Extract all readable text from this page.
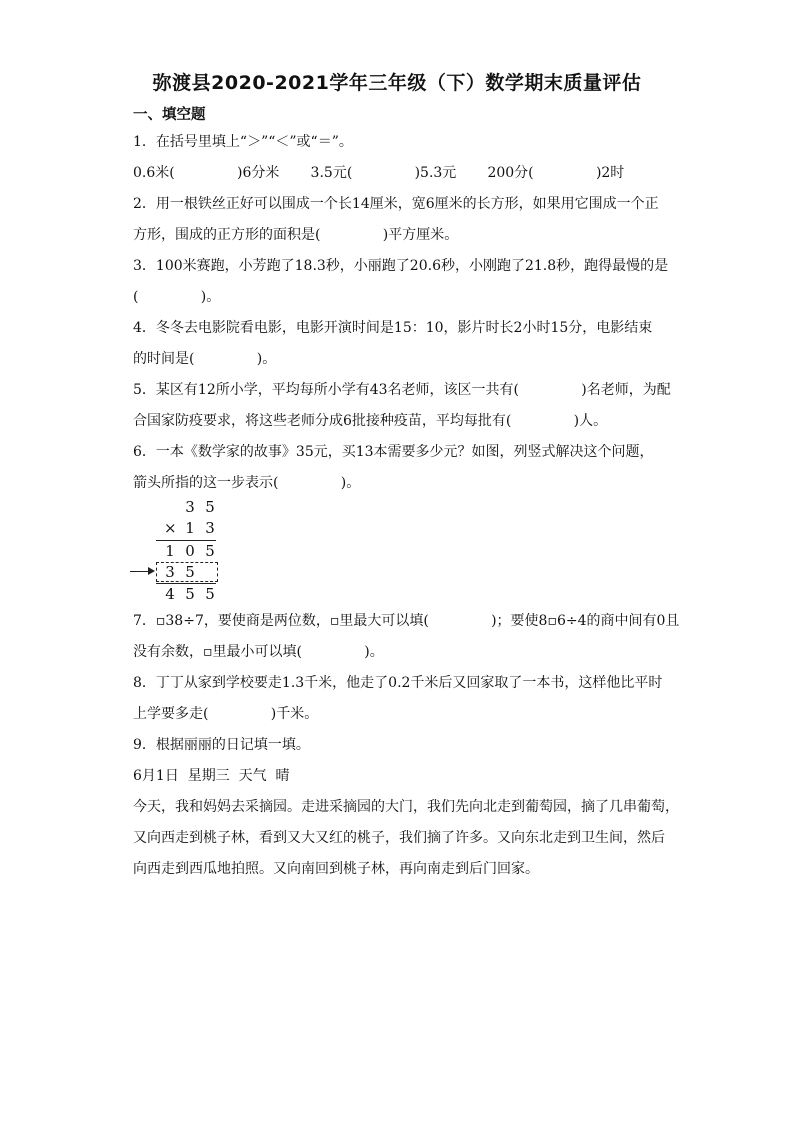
弥渡县2020-2021学年三年级（下）数学期末质量评估
一、填空题
1．在括号里填上“＞”“＜”或“＝”。
0.6米(              )6分米       3.5元(              )5.3元       200分(              )2时
2．用一根铁丝正好可以围成一个长14厘米，宽6厘米的长方形，如果用它围成一个正
方形，围成的正方形的面积是(              )平方厘米。
3．100米赛跑，小芳跑了18.3秒，小丽跑了20.6秒，小刚跑了21.8秒，跑得最慢的是
(              )。
4．冬冬去电影院看电影，电影开演时间是15：10，影片时长2小时15分，电影结束
的时间是(              )。
5．某区有12所小学，平均每所小学有43名老师，该区一共有(              )名老师，为配
合国家防疫要求，将这些老师分成6批接种疫苗，平均每批有(              )人。
6．一本《数学家的故事》35元，买13本需要多少元？如图，列竖式解决这个问题，
箭头所指的这一步表示(              )。
3 5
× 1 3
1 0 5
3 5
4 5 5
7．▫38÷7，要使商是两位数，▫里最大可以填(              )；要使8▫6÷4的商中间有0且
没有余数，▫里最小可以填(              )。
8．丁丁从家到学校要走1.3千米，他走了0.2千米后又回家取了一本书，这样他比平时
上学要多走(              )千米。
9．根据丽丽的日记填一填。
6月1日  星期三  天气  晴
今天，我和妈妈去采摘园。走进采摘园的大门，我们先向北走到葡萄园，摘了几串葡萄，
又向西走到桃子林，看到又大又红的桃子，我们摘了许多。又向东北走到卫生间，然后
向西走到西瓜地拍照。又向南回到桃子林，再向南走到后门回家。
